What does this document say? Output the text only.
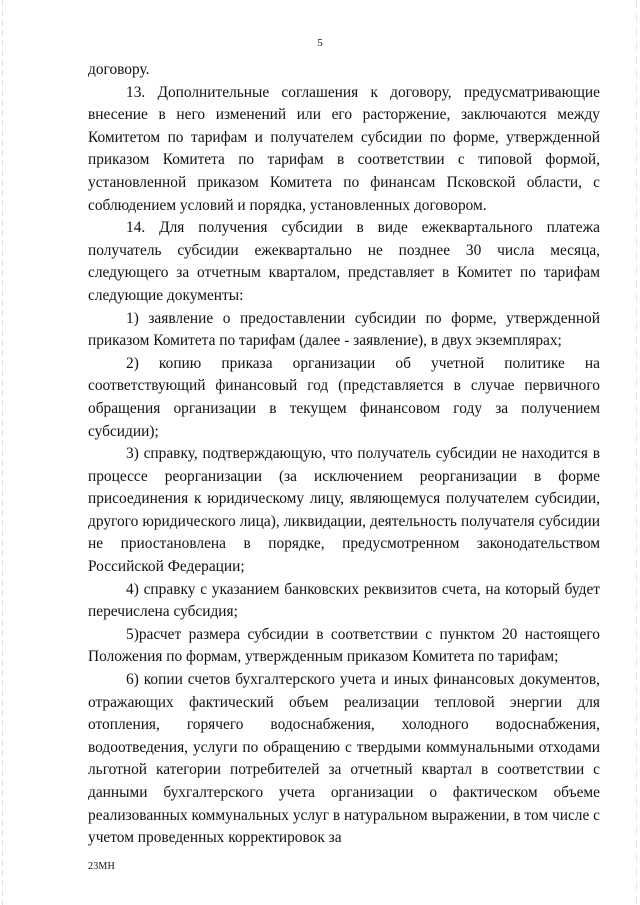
5

договору.

13. Дополнительные соглашения к договору, предусматривающие внесение в него изменений или его расторжение, заключаются между Комитетом по тарифам и получателем субсидии по форме, утвержденной приказом Комитета по тарифам в соответствии с типовой формой, установленной приказом Комитета по финансам Псковской области, с соблюдением условий и порядка, установленных договором.

14. Для получения субсидии в виде ежеквартального платежа получатель субсидии ежеквартально не позднее 30 числа месяца, следующего за отчетным кварталом, представляет в Комитет по тарифам следующие документы:

1) заявление о предоставлении субсидии по форме, утвержденной приказом Комитета по тарифам (далее - заявление), в двух экземплярах;

2) копию приказа организации об учетной политике на соответствующий финансовый год (представляется в случае первичного обращения организации в текущем финансовом году за получением субсидии);

3) справку, подтверждающую, что получатель субсидии не находится в процессе реорганизации (за исключением реорганизации в форме присоединения к юридическому лицу, являющемуся получателем субсидии, другого юридического лица), ликвидации, деятельность получателя субсидии не приостановлена в порядке, предусмотренном законодательством Российской Федерации;

4) справку с указанием банковских реквизитов счета, на который будет перечислена субсидия;

5)расчет размера субсидии в соответствии с пунктом 20 настоящего Положения по формам, утвержденным приказом Комитета по тарифам;

6) копии счетов бухгалтерского учета и иных финансовых документов, отражающих фактический объем реализации тепловой энергии для отопления, горячего водоснабжения, холодного водоснабжения, водоотведения, услуги по обращению с твердыми коммунальными отходами льготной категории потребителей за отчетный квартал в соответствии с данными бухгалтерского учета организации о фактическом объеме реализованных коммунальных услуг в натуральном выражении, в том числе с учетом проведенных корректировок за

23МН
